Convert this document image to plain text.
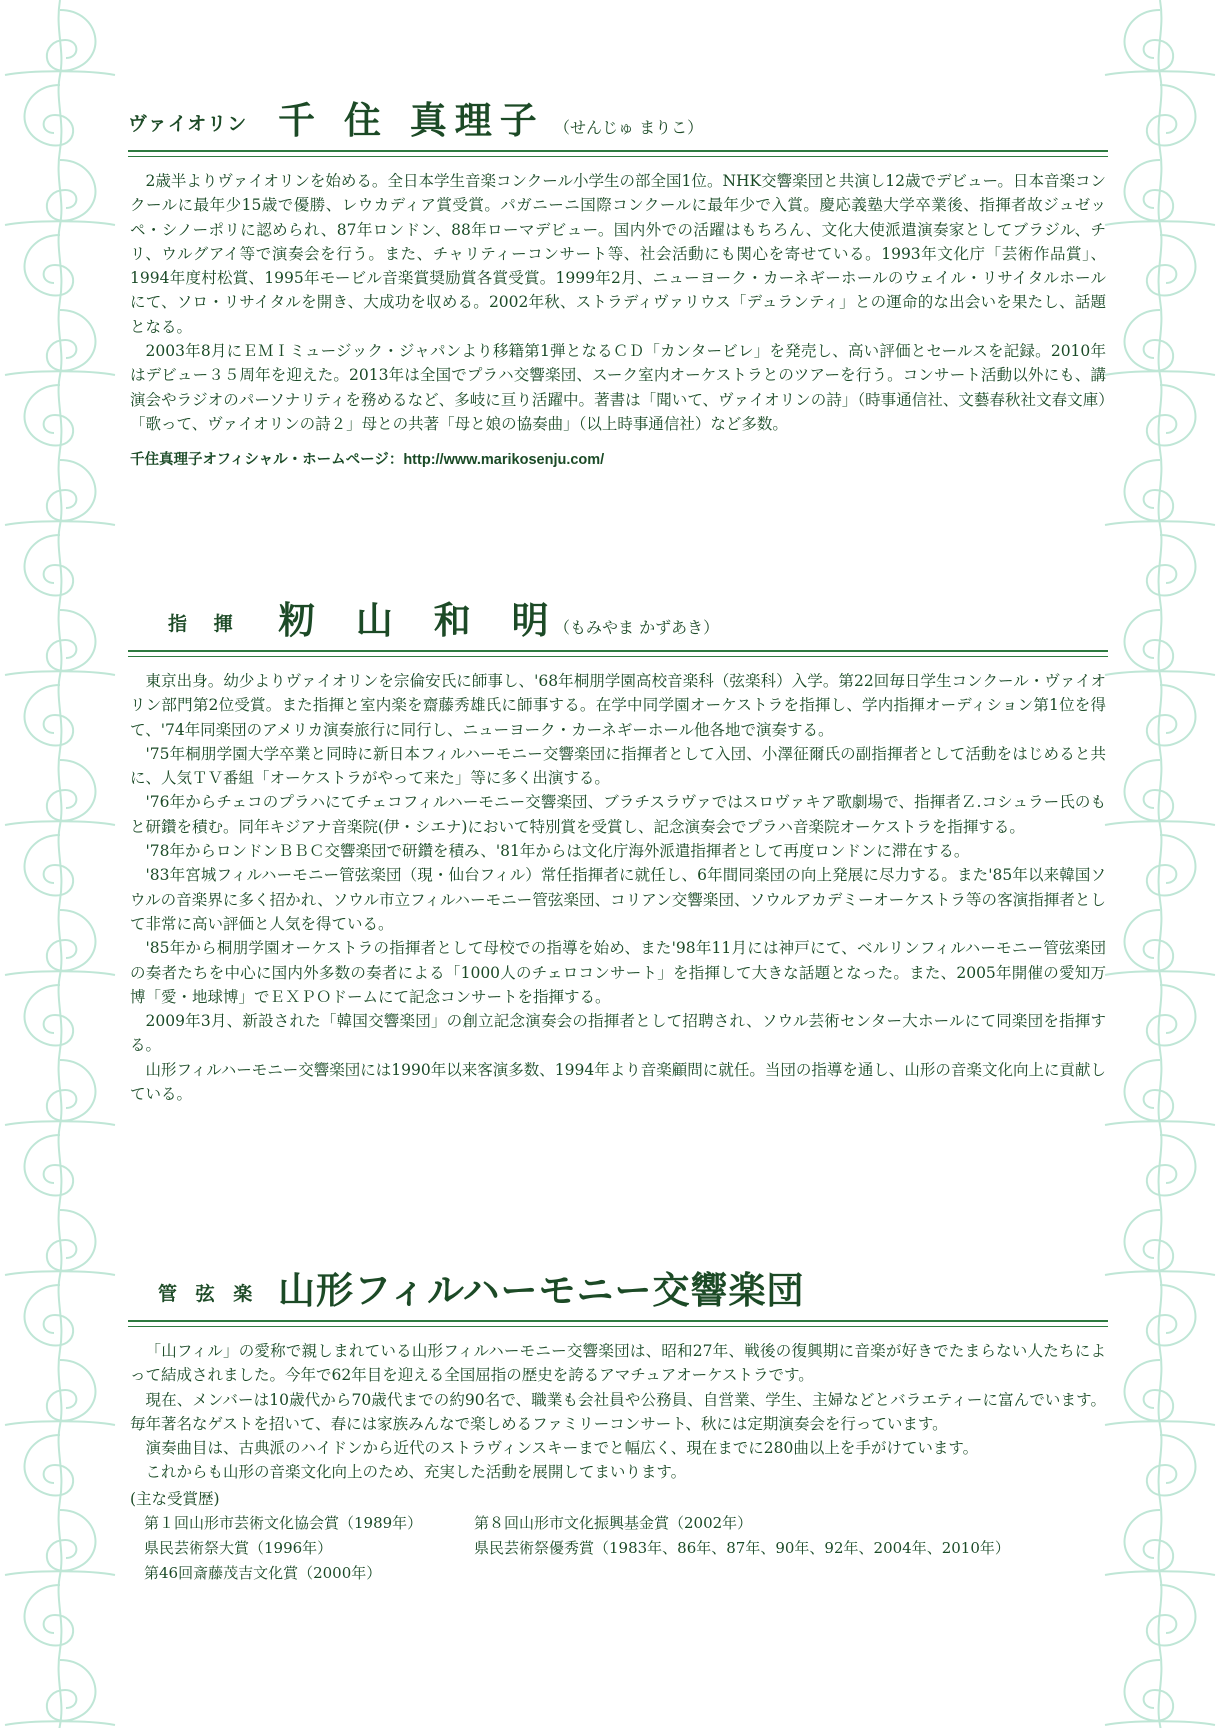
ヴァイオリン 千 住 真理子 （せんじゅ まりこ）

2歳半よりヴァイオリンを始める。全日本学生音楽コンクール小学生の部全国1位。NHK交響楽団と共演し12歳でデビュー。日本音楽コンクールに最年少15歳で優勝、レウカディア賞受賞。パガニーニ国際コンクールに最年少で入賞。慶応義塾大学卒業後、指揮者故ジュゼッペ・シノーポリに認められ、87年ロンドン、88年ローマデビュー。国内外での活躍はもちろん、文化大使派遣演奏家としてブラジル、チリ、ウルグアイ等で演奏会を行う。また、チャリティーコンサート等、社会活動にも関心を寄せている。1993年文化庁「芸術作品賞」、1994年度村松賞、1995年モービル音楽賞奨励賞各賞受賞。1999年2月、ニューヨーク・カーネギーホールのウェイル・リサイタルホールにて、ソロ・リサイタルを開き、大成功を収める。2002年秋、ストラディヴァリウス「デュランティ」との運命的な出会いを果たし、話題となる。

2003年8月にＥＭＩミュージック・ジャパンより移籍第1弾となるＣＤ「カンタービレ」を発売し、高い評価とセールスを記録。2010年はデビュー３５周年を迎えた。2013年は全国でプラハ交響楽団、スーク室内オーケストラとのツアーを行う。コンサート活動以外にも、講演会やラジオのパーソナリティを務めるなど、多岐に亘り活躍中。著書は「聞いて、ヴァイオリンの詩」（時事通信社、文藝春秋社文春文庫）「歌って、ヴァイオリンの詩２」母との共著「母と娘の協奏曲」（以上時事通信社）など多数。

千住真理子オフィシャル・ホームページ：http://www.marikosenju.com/
指 揮 籾 山 和 明
（もみやま かずあき）

東京出身。幼少よりヴァイオリンを宗倫安氏に師事し、'68年桐朋学園高校音楽科（弦楽科）入学。第22回毎日学生コンクール・ヴァイオリン部門第2位受賞。また指揮と室内楽を齋藤秀雄氏に師事する。在学中同学園オーケストラを指揮し、学内指揮オーディション第1位を得て、'74年同楽団のアメリカ演奏旅行に同行し、ニューヨーク・カーネギーホール他各地で演奏する。

'75年桐朋学園大学卒業と同時に新日本フィルハーモニー交響楽団に指揮者として入団、小澤征爾氏の副指揮者として活動をはじめると共に、人気ＴＶ番組「オーケストラがやって来た」等に多く出演する。

'76年からチェコのプラハにてチェコフィルハーモニー交響楽団、ブラチスラヴァではスロヴァキア歌劇場で、指揮者Ｚ.コシュラー氏のもと研鑽を積む。同年キジアナ音楽院(伊・シエナ)において特別賞を受賞し、記念演奏会でプラハ音楽院オーケストラを指揮する。

'78年からロンドンＢＢＣ交響楽団で研鑽を積み、'81年からは文化庁海外派遣指揮者として再度ロンドンに滞在する。

'83年宮城フィルハーモニー管弦楽団（現・仙台フィル）常任指揮者に就任し、6年間同楽団の向上発展に尽力する。また'85年以来韓国ソウルの音楽界に多く招かれ、ソウル市立フィルハーモニー管弦楽団、コリアン交響楽団、ソウルアカデミーオーケストラ等の客演指揮者として非常に高い評価と人気を得ている。

'85年から桐朋学園オーケストラの指揮者として母校での指導を始め、また'98年11月には神戸にて、ベルリンフィルハーモニー管弦楽団の奏者たちを中心に国内外多数の奏者による「1000人のチェロコンサート」を指揮して大きな話題となった。また、2005年開催の愛知万博「愛・地球博」でＥＸＰＯドームにて記念コンサートを指揮する。

2009年3月、新設された「韓国交響楽団」の創立記念演奏会の指揮者として招聘され、ソウル芸術センター大ホールにて同楽団を指揮する。

山形フィルハーモニー交響楽団には1990年以来客演多数、1994年より音楽顧問に就任。当団の指導を通し、山形の音楽文化向上に貢献している。

管 弦 楽 山形フィルハーモニー交響楽団

「山フィル」の愛称で親しまれている山形フィルハーモニー交響楽団は、昭和27年、戦後の復興期に音楽が好きでたまらない人たちによって結成されました。今年で62年目を迎える全国屈指の歴史を誇るアマチュアオーケストラです。

現在、メンバーは10歳代から70歳代までの約90名で、職業も会社員や公務員、自営業、学生、主婦などとバラエティーに富んでいます。毎年著名なゲストを招いて、春には家族みんなで楽しめるファミリーコンサート、秋には定期演奏会を行っています。

演奏曲目は、古典派のハイドンから近代のストラヴィンスキーまでと幅広く、現在までに280曲以上を手がけています。

これからも山形の音楽文化向上のため、充実した活動を展開してまいります。

(主な受賞歴)
第１回山形市芸術文化協会賞（1989年）	第８回山形市文化振興基金賞（2002年）
県民芸術祭大賞（1996年）	県民芸術祭優秀賞（1983年、86年、87年、90年、92年、2004年、2010年）
第46回斎藤茂吉文化賞（2000年）
